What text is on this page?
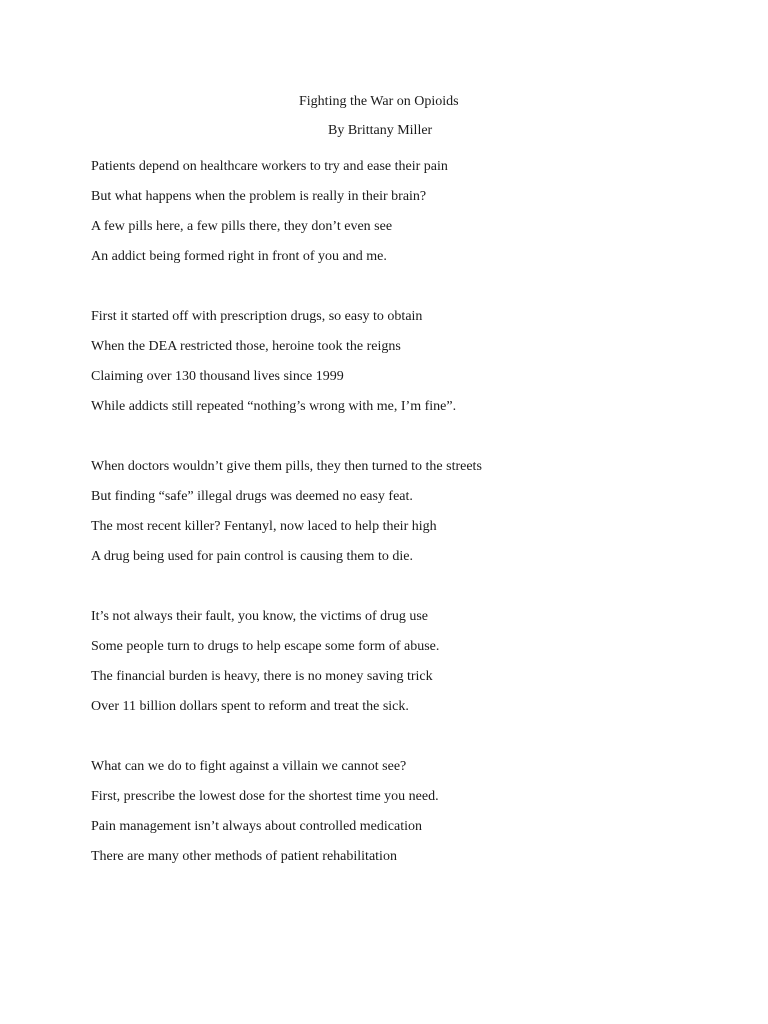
Fighting the War on Opioids
By Brittany Miller
Patients depend on healthcare workers to try and ease their pain
But what happens when the problem is really in their brain?
A few pills here, a few pills there, they don’t even see
An addict being formed right in front of you and me.
First it started off with prescription drugs, so easy to obtain
When the DEA restricted those, heroine took the reigns
Claiming over 130 thousand lives since 1999
While addicts still repeated “nothing’s wrong with me, I’m fine”.
When doctors wouldn’t give them pills, they then turned to the streets
But finding “safe” illegal drugs was deemed no easy feat.
The most recent killer? Fentanyl, now laced to help their high
A drug being used for pain control is causing them to die.
It’s not always their fault, you know, the victims of drug use
Some people turn to drugs to help escape some form of abuse.
The financial burden is heavy, there is no money saving trick
Over 11 billion dollars spent to reform and treat the sick.
What can we do to fight against a villain we cannot see?
First, prescribe the lowest dose for the shortest time you need.
Pain management isn’t always about controlled medication
There are many other methods of patient rehabilitation
